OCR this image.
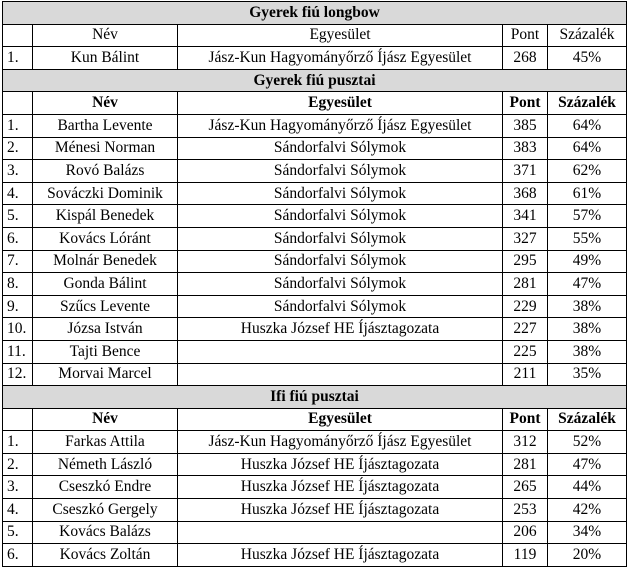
Gyerek fiú longbow				
	Név	Egyesület	Pont	Százalék
1.	Kun Bálint	Jász-Kun Hagyományőrző Íjász Egyesület	268	45%
Gyerek fiú pusztai				
	Név	Egyesület	Pont	Százalék
1.	Bartha Levente	Jász-Kun Hagyományőrző Íjász Egyesület	385	64%
2.	Ménesi Norman	Sándorfalvi Sólymok	383	64%
3.	Rovó Balázs	Sándorfalvi Sólymok	371	62%
4.	Sováczki Dominik	Sándorfalvi Sólymok	368	61%
5.	Kispál Benedek	Sándorfalvi Sólymok	341	57%
6.	Kovács Lóránt	Sándorfalvi Sólymok	327	55%
7.	Molnár Benedek	Sándorfalvi Sólymok	295	49%
8.	Gonda Bálint	Sándorfalvi Sólymok	281	47%
9.	Szűcs Levente	Sándorfalvi Sólymok	229	38%
10.	Józsa István	Huszka József HE Íjásztagozata	227	38%
11.	Tajti Bence		225	38%
12.	Morvai Marcel		211	35%
Ifi fiú pusztai				
	Név	Egyesület	Pont	Százalék
1.	Farkas Attila	Jász-Kun Hagyományőrző Íjász Egyesület	312	52%
2.	Németh László	Huszka József HE Íjásztagozata	281	47%
3.	Cseszkó Endre	Huszka József HE Íjásztagozata	265	44%
4.	Cseszkó Gergely	Huszka József HE Íjásztagozata	253	42%
5.	Kovács Balázs		206	34%
6.	Kovács Zoltán	Huszka József HE Íjásztagozata	119	20%
